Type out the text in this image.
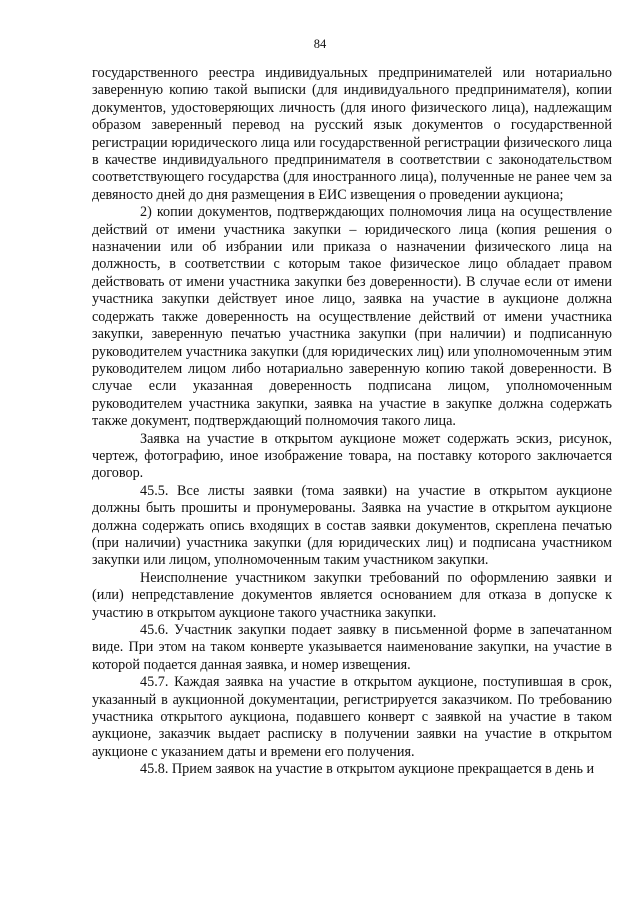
84

государственного реестра индивидуальных предпринимателей или нотариально заверенную копию такой выписки (для индивидуального предпринимателя), копии документов, удостоверяющих личность (для иного физического лица), надлежащим образом заверенный перевод на русский язык документов о государственной регистрации юридического лица или государственной регистрации физического лица в качестве индивидуального предпринимателя в соответствии с законодательством соответствующего государства (для иностранного лица), полученные не ранее чем за девяносто дней до дня размещения в ЕИС извещения о проведении аукциона;

2) копии документов, подтверждающих полномочия лица на осуществление действий от имени участника закупки – юридического лица (копия решения о назначении или об избрании или приказа о назначении физического лица на должность, в соответствии с которым такое физическое лицо обладает правом действовать от имени участника закупки без доверенности). В случае если от имени участника закупки действует иное лицо, заявка на участие в аукционе должна содержать также доверенность на осуществление действий от имени участника закупки, заверенную печатью участника закупки (при наличии) и подписанную руководителем участника закупки (для юридических лиц) или уполномоченным этим руководителем лицом либо нотариально заверенную копию такой доверенности. В случае если указанная доверенность подписана лицом, уполномоченным руководителем участника закупки, заявка на участие в закупке должна содержать также документ, подтверждающий полномочия такого лица.

Заявка на участие в открытом аукционе может содержать эскиз, рисунок, чертеж, фотографию, иное изображение товара, на поставку которого заключается договор.

45.5. Все листы заявки (тома заявки) на участие в открытом аукционе должны быть прошиты и пронумерованы. Заявка на участие в открытом аукционе должна содержать опись входящих в состав заявки документов, скреплена печатью (при наличии) участника закупки (для юридических лиц) и подписана участником закупки или лицом, уполномоченным таким участником закупки.

Неисполнение участником закупки требований по оформлению заявки и (или) непредставление документов является основанием для отказа в допуске к участию в открытом аукционе такого участника закупки.

45.6. Участник закупки подает заявку в письменной форме в запечатанном виде. При этом на таком конверте указывается наименование закупки, на участие в которой подается данная заявка, и номер извещения.

45.7. Каждая заявка на участие в открытом аукционе, поступившая в срок, указанный в аукционной документации, регистрируется заказчиком. По требованию участника открытого аукциона, подавшего конверт с заявкой на участие в таком аукционе, заказчик выдает расписку в получении заявки на участие в открытом аукционе с указанием даты и времени его получения.

45.8. Прием заявок на участие в открытом аукционе прекращается в день и
